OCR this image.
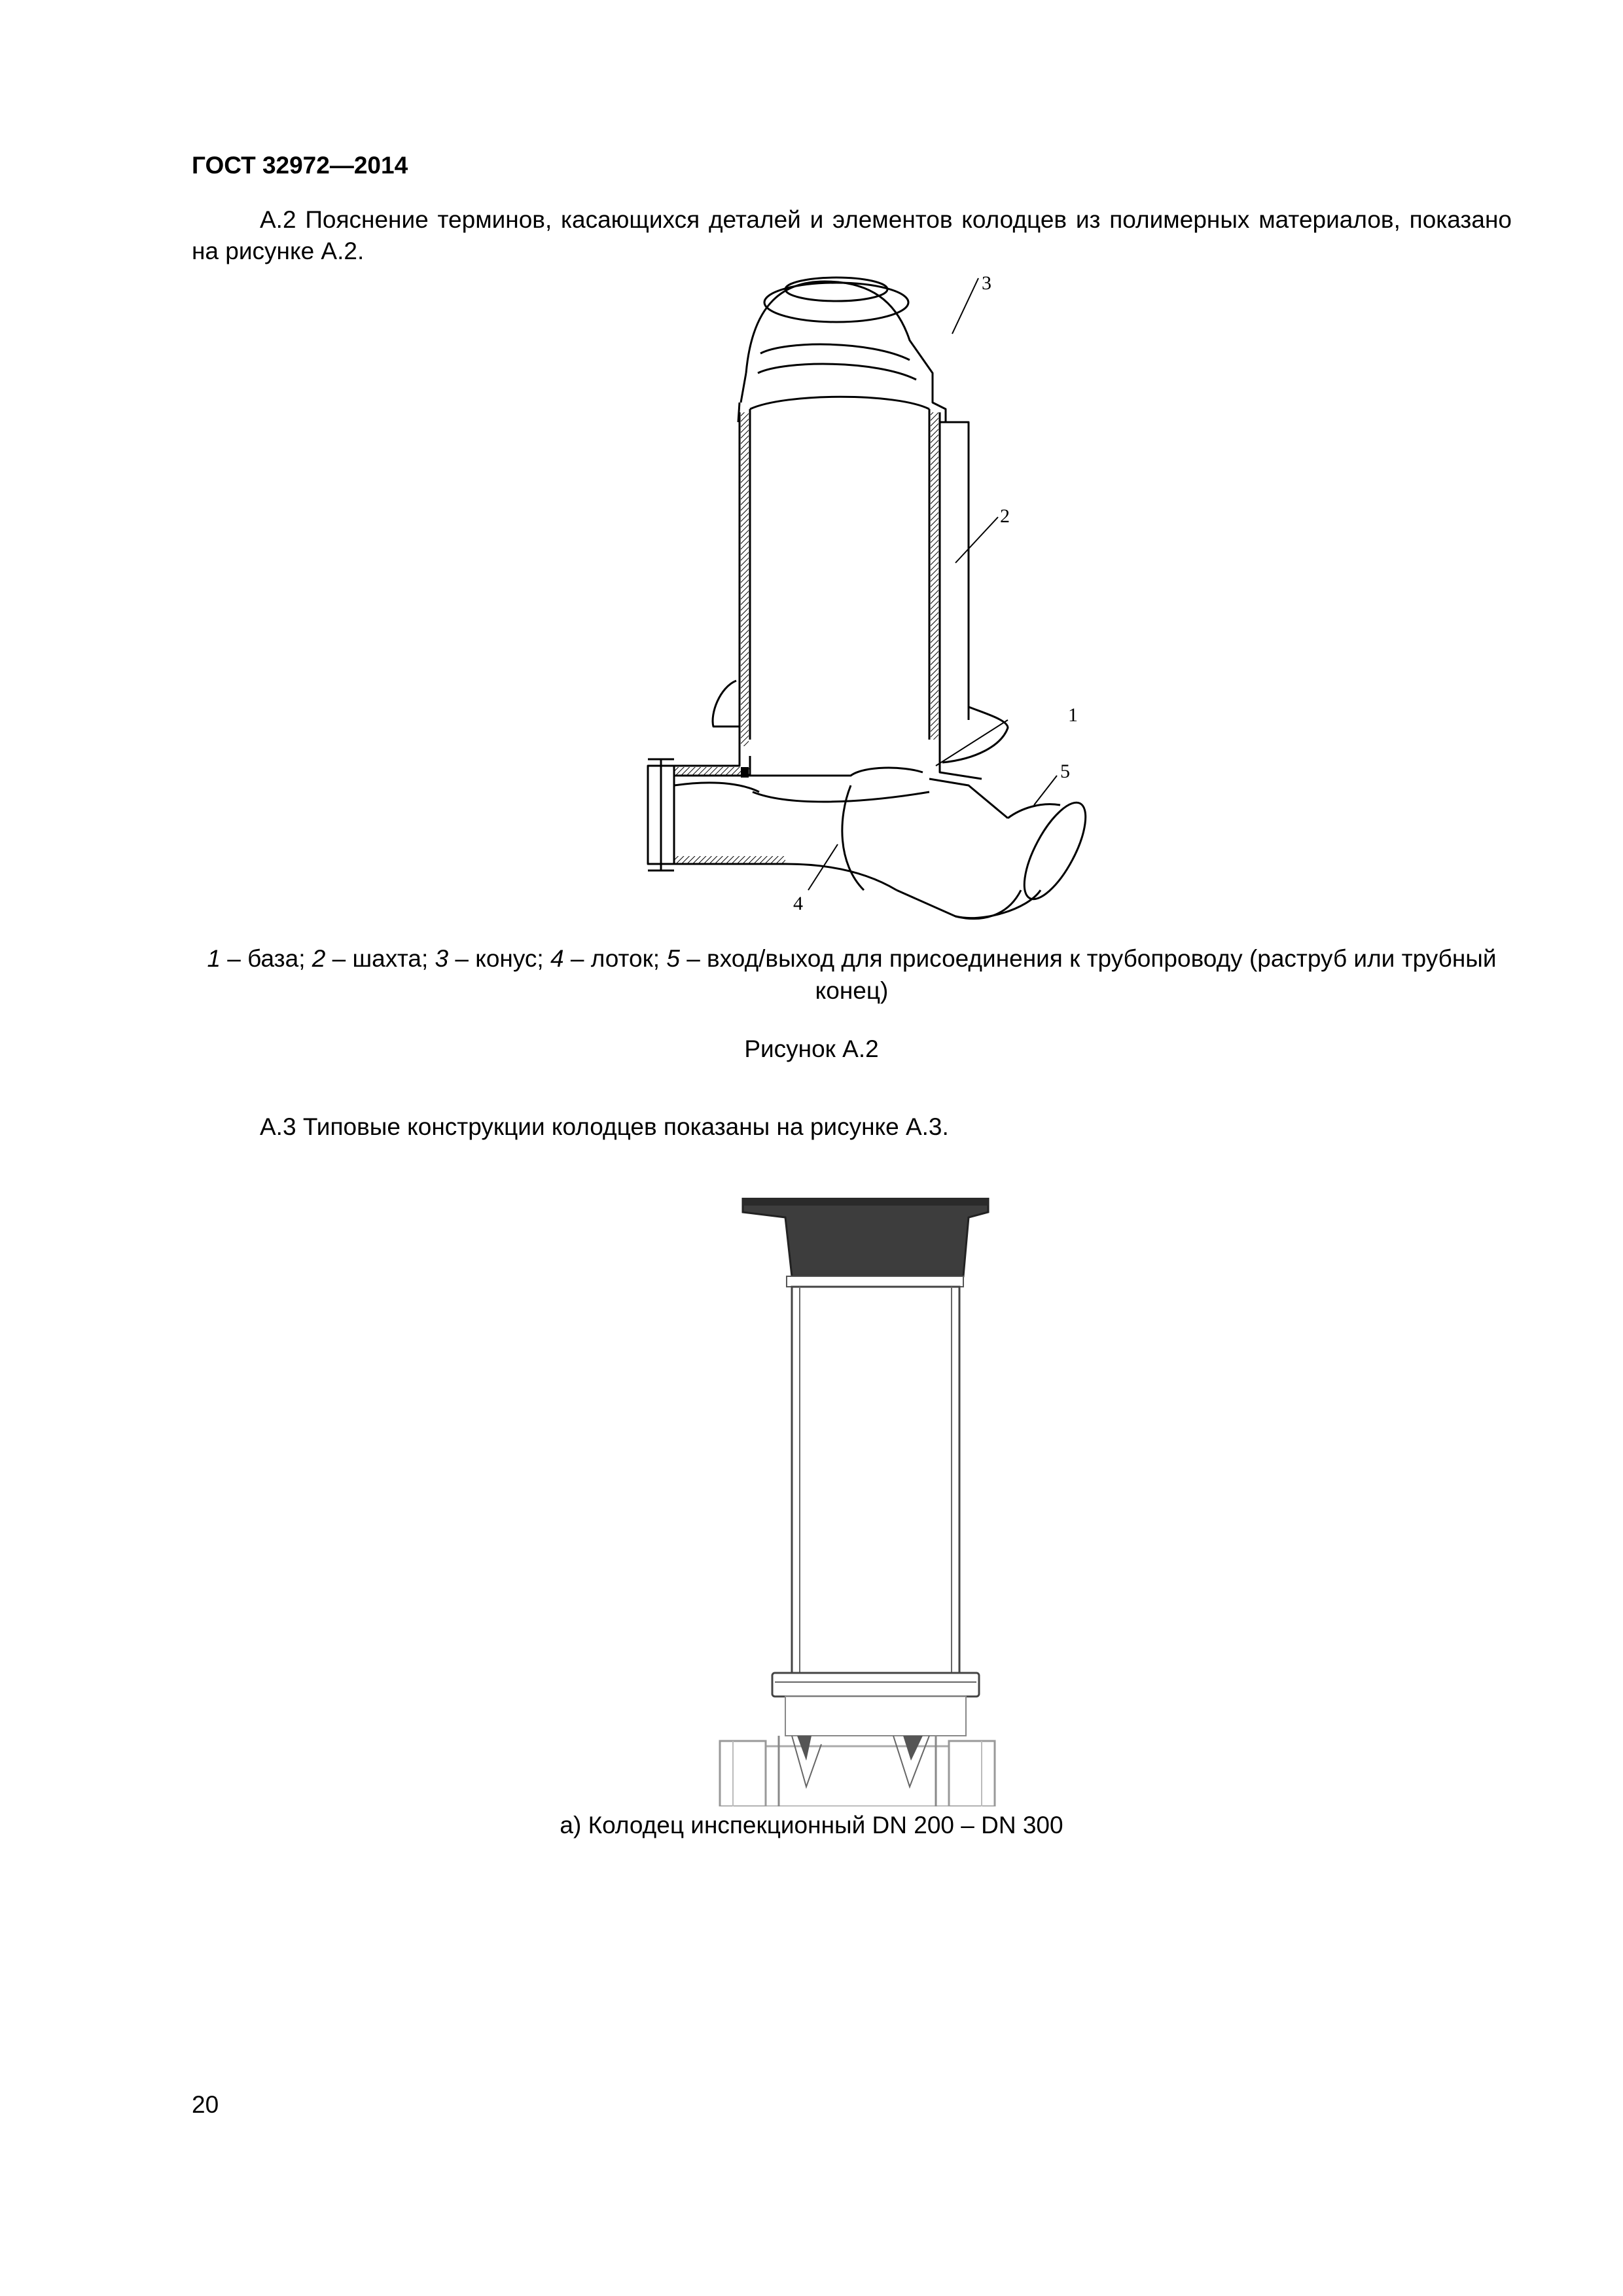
ГОСТ 32972—2014
А.2 Пояснение терминов, касающихся деталей и элементов колодцев из полимерных материалов, показано на рисунке А.2.
3
2
1
5
4
1 – база; 2 – шахта; 3 – конус; 4 – лоток; 5 – вход/выход для присоединения к трубопроводу (раструб или трубный конец)
Рисунок А.2
А.3 Типовые конструкции колодцев показаны на рисунке А.3.
а) Колодец инспекционный DN 200 – DN 300
20
